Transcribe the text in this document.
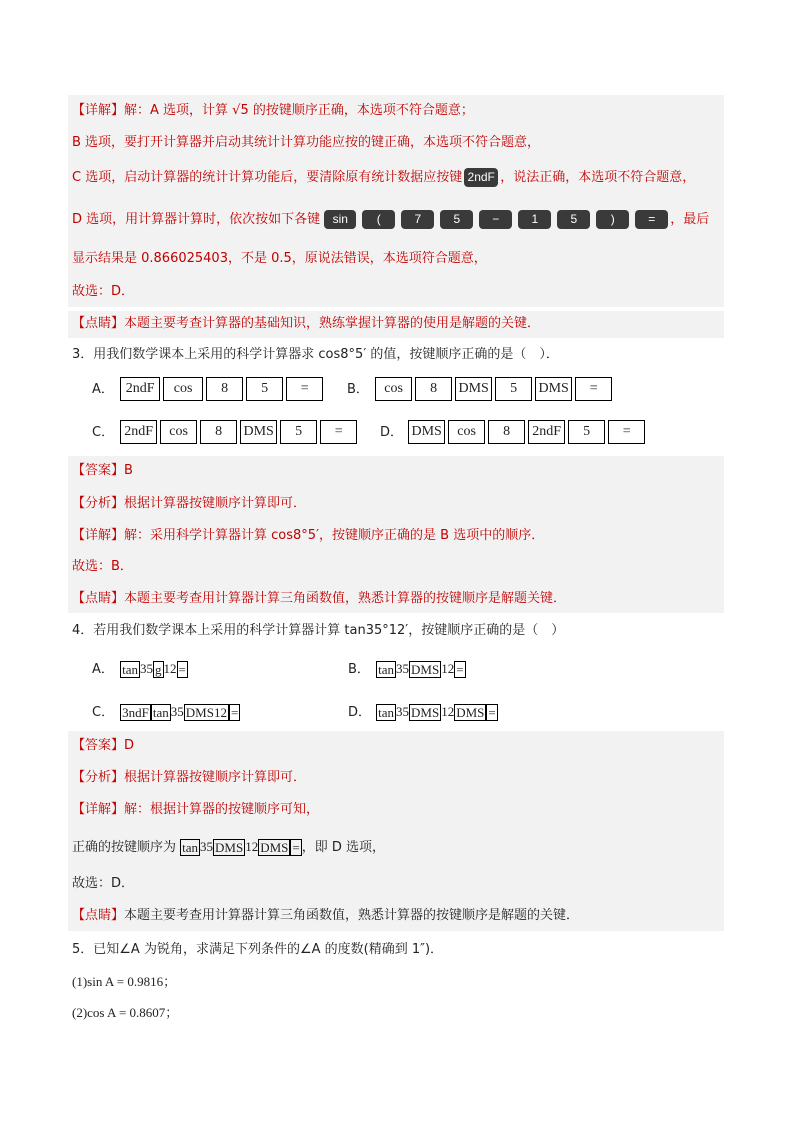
【详解】解：A 选项，计算 √5 的按键顺序正确，本选项不符合题意；
B 选项，要打开计算器并启动其统计计算功能应按的键正确，本选项不符合题意，
C 选项，启动计算器的统计计算功能后，要清除原有统计数据应按键 2ndF ，说法正确，本选项不符合题意，
D 选项，用计算器计算时，依次按如下各键 sin (	7	5	−	1	5	)	= ，最后
显示结果是 0.866025403，不是 0.5，原说法错误，本选项符合题意，
故选：D．
【点睛】本题主要考查计算器的基础知识，熟练掌握计算器的使用是解题的关键．
3．用我们数学课本上采用的科学计算器求 cos8°5′ 的值，按键顺序正确的是（　）．
A． 2ndF cos 8 5 =	B． cos 8 DMS 5 DMS =
C． 2ndF cos 8 DMS 5 =	D． DMS cos 8 2ndF 5 =
【答案】B
【分析】根据计算器按键顺序计算即可．
【详解】解：采用科学计算器计算 cos8°5′，按键顺序正确的是 B 选项中的顺序．
故选：B．
【点睛】本题主要考查用计算器计算三角函数值，熟悉计算器的按键顺序是解题关键．
4．若用我们数学课本上采用的科学计算器计算 tan35°12′，按键顺序正确的是（　）
A． tan 35 g 12 =	B． tan 35 DMS 12 =
C． 3ndF tan 35 DMS12 =	D． tan 35 DMS 12 DMS =
【答案】D
【分析】根据计算器按键顺序计算即可．
【详解】解：根据计算器的按键顺序可知，
正确的按键顺序为 tan 35 DMS 12 DMS = ，即 D 选项，
故选：D．
【点睛】本题主要考查用计算器计算三角函数值，熟悉计算器的按键顺序是解题的关键．
5．已知∠A 为锐角，求满足下列条件的∠A 的度数(精确到 1″)．
(1)sin A = 0.9816；
(2)cos A = 0.8607；
